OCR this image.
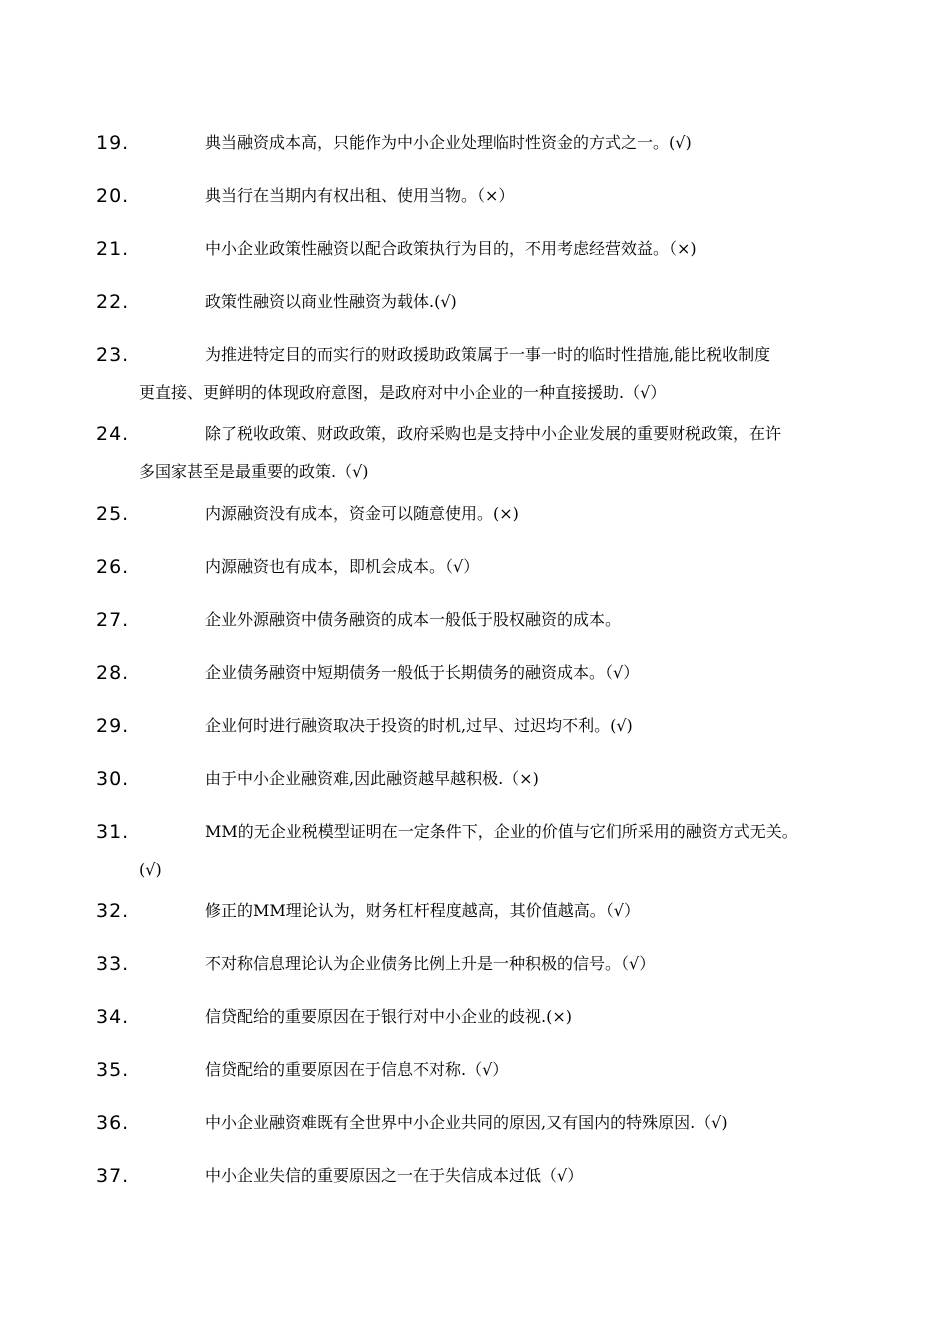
19.	典当融资成本高，只能作为中小企业处理临时性资金的方式之一。(√)
20.	典当行在当期内有权出租、使用当物。（×）
21.	中小企业政策性融资以配合政策执行为目的，不用考虑经营效益。（×)
22.	政策性融资以商业性融资为载体.(√)
23.	为推进特定目的而实行的财政援助政策属于一事一时的临时性措施,能比税收制度
更直接、更鲜明的体现政府意图，是政府对中小企业的一种直接援助.（√）
24.	除了税收政策、财政政策，政府采购也是支持中小企业发展的重要财税政策，在许
多国家甚至是最重要的政策.（√)
25.	内源融资没有成本，资金可以随意使用。(×)
26.	内源融资也有成本，即机会成本。（√）
27.	企业外源融资中债务融资的成本一般低于股权融资的成本。
28.	企业债务融资中短期债务一般低于长期债务的融资成本。（√）
29.	企业何时进行融资取决于投资的时机,过早、过迟均不利。(√)
30.	由于中小企业融资难,因此融资越早越积极.（×)
31.	MM的无企业税模型证明在一定条件下，企业的价值与它们所采用的融资方式无关。
(√)
32.	修正的MM理论认为，财务杠杆程度越高，其价值越高。（√）
33.	不对称信息理论认为企业债务比例上升是一种积极的信号。（√）
34.	信贷配给的重要原因在于银行对中小企业的歧视.(×)
35.	信贷配给的重要原因在于信息不对称.（√）
36.	中小企业融资难既有全世界中小企业共同的原因,又有国内的特殊原因.（√)
37.	中小企业失信的重要原因之一在于失信成本过低（√）
